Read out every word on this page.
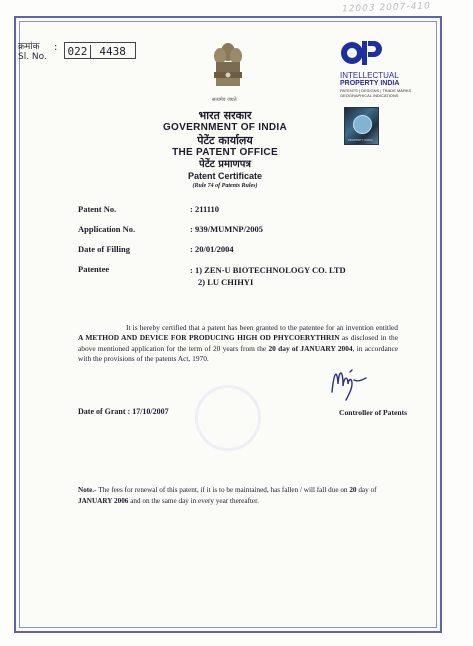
12003 2007-410
क्रमांक
Sl. No. : 022 4438
सत्यमेव जयते
INTELLECTUAL
PROPERTY INDIA
PATENTS | DESIGNS | TRADE MARKS
GEOGRAPHICAL INDICATIONS
PROPERTY INDIA
भारत सरकार
GOVERNMENT OF INDIA
पेटेंट कार्यालय
THE PATENT OFFICE
पेटेंट प्रमाणपत्र
Patent Certificate
(Rule 74 of Patents Rules)
Patent No.	: 211110
Application No.	: 939/MUMNP/2005
Date of Filling	: 20/01/2004
Patentee	: 1) ZEN-U BIOTECHNOLOGY CO. LTD
2) LU CHIHYI
It is hereby certified that a patent has been granted to the patentee for an invention entitled A METHOD AND DEVICE FOR PRODUCING HIGH OD PHYCOERYTHRIN as disclosed in the above mentioned application for the term of 20 years from the 20 day of JANUARY 2004, in accordance with the provisions of the patents Act, 1970.
Date of Grant : 17/10/2007	Controller of Patents
Note.- The fees for renewal of this patent, if it is to be maintained, has fallen / will fall due on 20 day of JANUARY 2006 and on the same day in every year thereafter.
